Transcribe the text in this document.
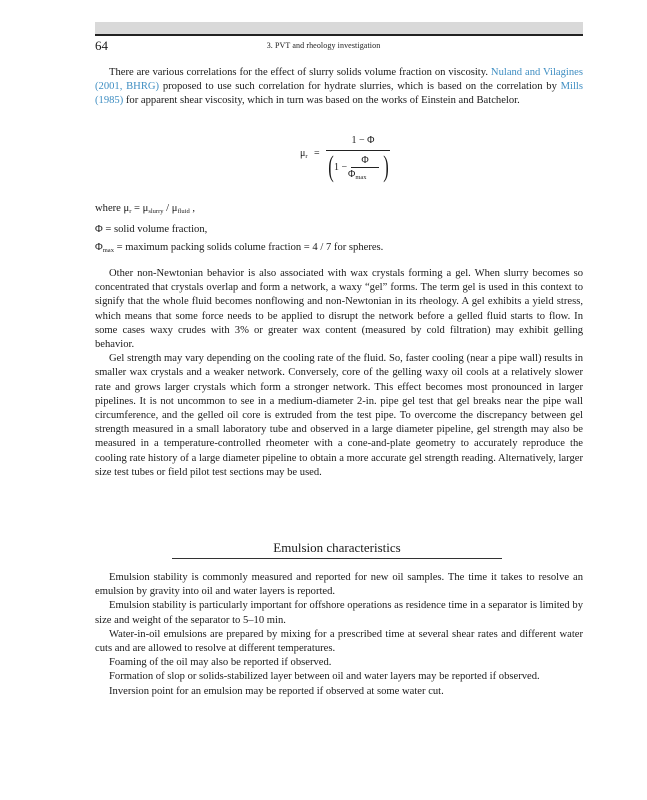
64	3. PVT and rheology investigation

There are various correlations for the effect of slurry solids volume fraction on viscosity. Nuland and Vilagines (2001, BHRG) proposed to use such correlation for hydrate slurries, which is based on the correlation by Mills (1985) for apparent shear viscosity, which in turn was based on the works of Einstein and Batchelor.

$\mu_r$ =
1 − Φ
( 1 −
Φ
$\Phi_{max}$ )
where $\mu_r = \mu_{slurry} / \mu_{fluid}$ ,
Φ = solid volume fraction,
$\Phi_{max}$ = maximum packing solids colume fraction = 4 / 7 for spheres.

Other non-Newtonian behavior is also associated with wax crystals forming a gel. When slurry becomes so concentrated that crystals overlap and form a network, a waxy “gel” forms. The term gel is used in this context to signify that the whole fluid becomes nonflowing and non-Newtonian in its rheology. A gel exhibits a yield stress, which means that some force needs to be applied to disrupt the network before a gelled fluid starts to flow. In some cases waxy crudes with 3% or greater wax content (measured by cold filtration) may exhibit gelling behavior.

Gel strength may vary depending on the cooling rate of the fluid. So, faster cooling (near a pipe wall) results in smaller wax crystals and a weaker network. Conversely, core of the gelling waxy oil cools at a relatively slower rate and grows larger crystals which form a stronger network. This effect becomes most pronounced in larger pipelines. It is not uncommon to see in a medium-diameter 2-in. pipe gel test that gel breaks near the pipe wall circumference, and the gelled oil core is extruded from the test pipe. To overcome the discrepancy between gel strength measured in a small laboratory tube and observed in a large diameter pipeline, gel strength may also be measured in a temperature-controlled rheometer with a cone-and-plate geometry to accurately reproduce the cooling rate history of a large diameter pipeline to obtain a more accurate gel strength reading. Alternatively, larger size test tubes or field pilot test sections may be used.

Emulsion characteristics

Emulsion stability is commonly measured and reported for new oil samples. The time it takes to resolve an emulsion by gravity into oil and water layers is reported.

Emulsion stability is particularly important for offshore operations as residence time in a separator is limited by size and weight of the separator to 5–10 min.

Water-in-oil emulsions are prepared by mixing for a prescribed time at several shear rates and different water cuts and are allowed to resolve at different temperatures.

Foaming of the oil may also be reported if observed.

Formation of slop or solids-stabilized layer between oil and water layers may be reported if observed.

Inversion point for an emulsion may be reported if observed at some water cut.
